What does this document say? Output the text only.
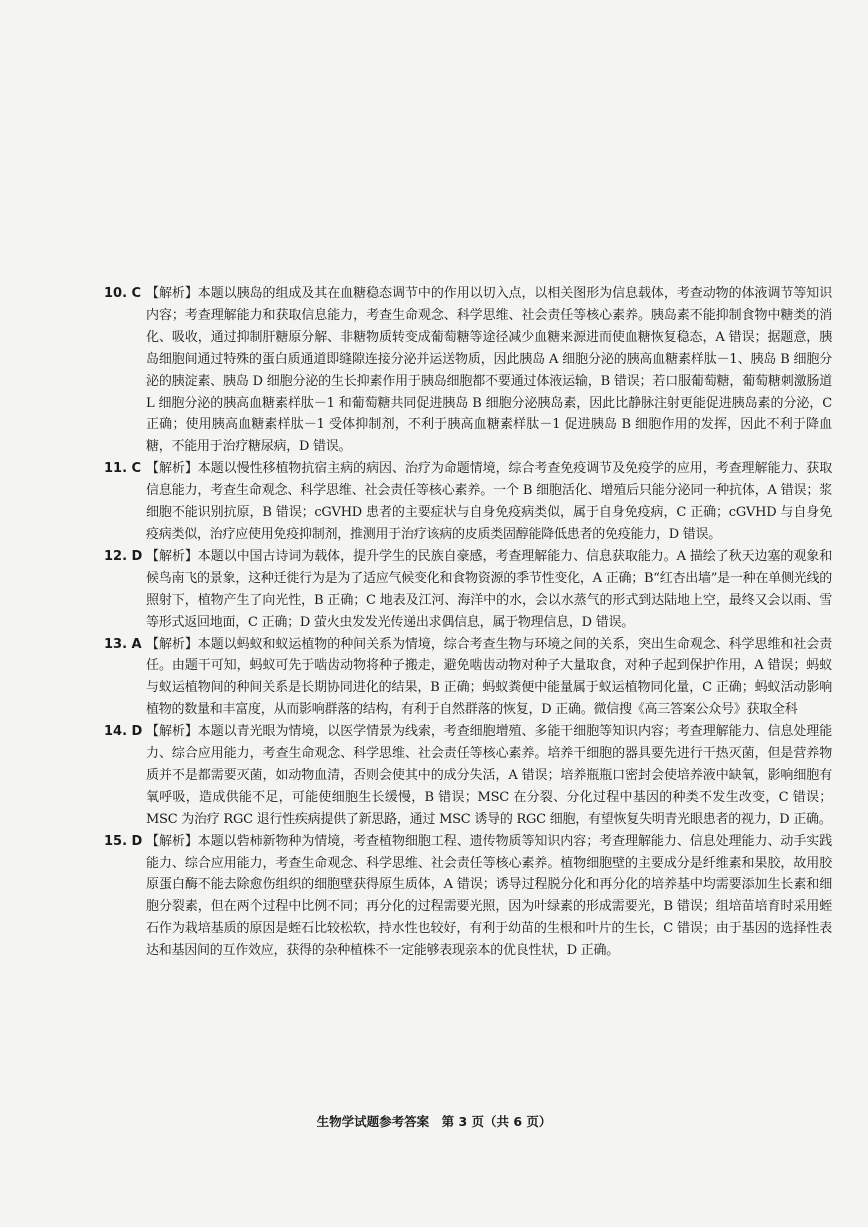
10. C 【解析】本题以胰岛的组成及其在血糖稳态调节中的作用以切入点，以相关图形为信息载体，考查动物的体液调节等知识内容；考查理解能力和获取信息能力，考查生命观念、科学思维、社会责任等核心素养。胰岛素不能抑制食物中糖类的消化、吸收，通过抑制肝糖原分解、非糖物质转变成葡萄糖等途径减少血糖来源进而使血糖恢复稳态，A 错误；据题意，胰岛细胞间通过特殊的蛋白质通道即缝隙连接分泌并运送物质，因此胰岛 A 细胞分泌的胰高血糖素样肽－1、胰岛 B 细胞分泌的胰淀素、胰岛 D 细胞分泌的生长抑素作用于胰岛细胞都不要通过体液运输，B 错误；若口服葡萄糖，葡萄糖刺激肠道 L 细胞分泌的胰高血糖素样肽－1 和葡萄糖共同促进胰岛 B 细胞分泌胰岛素，因此比静脉注射更能促进胰岛素的分泌，C 正确；使用胰高血糖素样肽－1 受体抑制剂，不利于胰高血糖素样肽－1 促进胰岛 B 细胞作用的发挥，因此不利于降血糖，不能用于治疗糖尿病，D 错误。
11. C 【解析】本题以慢性移植物抗宿主病的病因、治疗为命题情境，综合考查免疫调节及免疫学的应用，考查理解能力、获取信息能力，考查生命观念、科学思维、社会责任等核心素养。一个 B 细胞活化、增殖后只能分泌同一种抗体，A 错误；浆细胞不能识别抗原，B 错误；cGVHD 患者的主要症状与自身免疫病类似，属于自身免疫病，C 正确；cGVHD 与自身免疫病类似，治疗应使用免疫抑制剂，推测用于治疗该病的皮质类固醇能降低患者的免疫能力，D 错误。
12. D 【解析】本题以中国古诗词为载体，提升学生的民族自豪感，考查理解能力、信息获取能力。A 描绘了秋天边塞的观象和候鸟南飞的景象，这种迁徙行为是为了适应气候变化和食物资源的季节性变化，A 正确；B“红杏出墙”是一种在单侧光线的照射下，植物产生了向光性，B 正确；C 地表及江河、海洋中的水，会以水蒸气的形式到达陆地上空，最终又会以雨、雪等形式返回地面，C 正确；D 萤火虫发发光传递出求偶信息，属于物理信息，D 错误。
13. A 【解析】本题以蚂蚁和蚁运植物的种间关系为情境，综合考查生物与环境之间的关系，突出生命观念、科学思维和社会责任。由题干可知，蚂蚁可先于啮齿动物将种子搬走，避免啮齿动物对种子大量取食，对种子起到保护作用，A 错误；蚂蚁与蚁运植物间的种间关系是长期协同进化的结果，B 正确；蚂蚁粪便中能量属于蚁运植物同化量，C 正确；蚂蚁活动影响植物的数量和丰富度，从而影响群落的结构，有利于自然群落的恢复，D 正确。微信搜《高三答案公众号》获取全科
14. D 【解析】本题以青光眼为情境，以医学情景为线索，考查细胞增殖、多能干细胞等知识内容；考查理解能力、信息处理能力、综合应用能力，考查生命观念、科学思维、社会责任等核心素养。培养干细胞的器具要先进行干热灭菌，但是营养物质并不是都需要灭菌，如动物血清，否则会使其中的成分失活，A 错误；培养瓶瓶口密封会使培养液中缺氧，影响细胞有氧呼吸，造成供能不足，可能使细胞生长缓慢，B 错误；MSC 在分裂、分化过程中基因的种类不发生改变，C 错误；MSC 为治疗 RGC 退行性疾病提供了新思路，通过 MSC 诱导的 RGC 细胞，有望恢复失明青光眼患者的视力，D 正确。
15. D 【解析】本题以砦柿新物种为情境，考查植物细胞工程、遗传物质等知识内容；考查理解能力、信息处理能力、动手实践能力、综合应用能力，考查生命观念、科学思维、社会责任等核心素养。植物细胞壁的主要成分是纤维素和果胶，故用胶原蛋白酶不能去除愈伤组织的细胞壁获得原生质体，A 错误；诱导过程脱分化和再分化的培养基中均需要添加生长素和细胞分裂素，但在两个过程中比例不同；再分化的过程需要光照，因为叶绿素的形成需要光，B 错误；组培苗培育时采用蛭石作为栽培基质的原因是蛭石比较松软，持水性也较好，有利于幼苗的生根和叶片的生长，C 错误；由于基因的选择性表达和基因间的互作效应，获得的杂种植株不一定能够表现亲本的优良性状，D 正确。
生物学试题参考答案　第 3 页（共 6 页）
